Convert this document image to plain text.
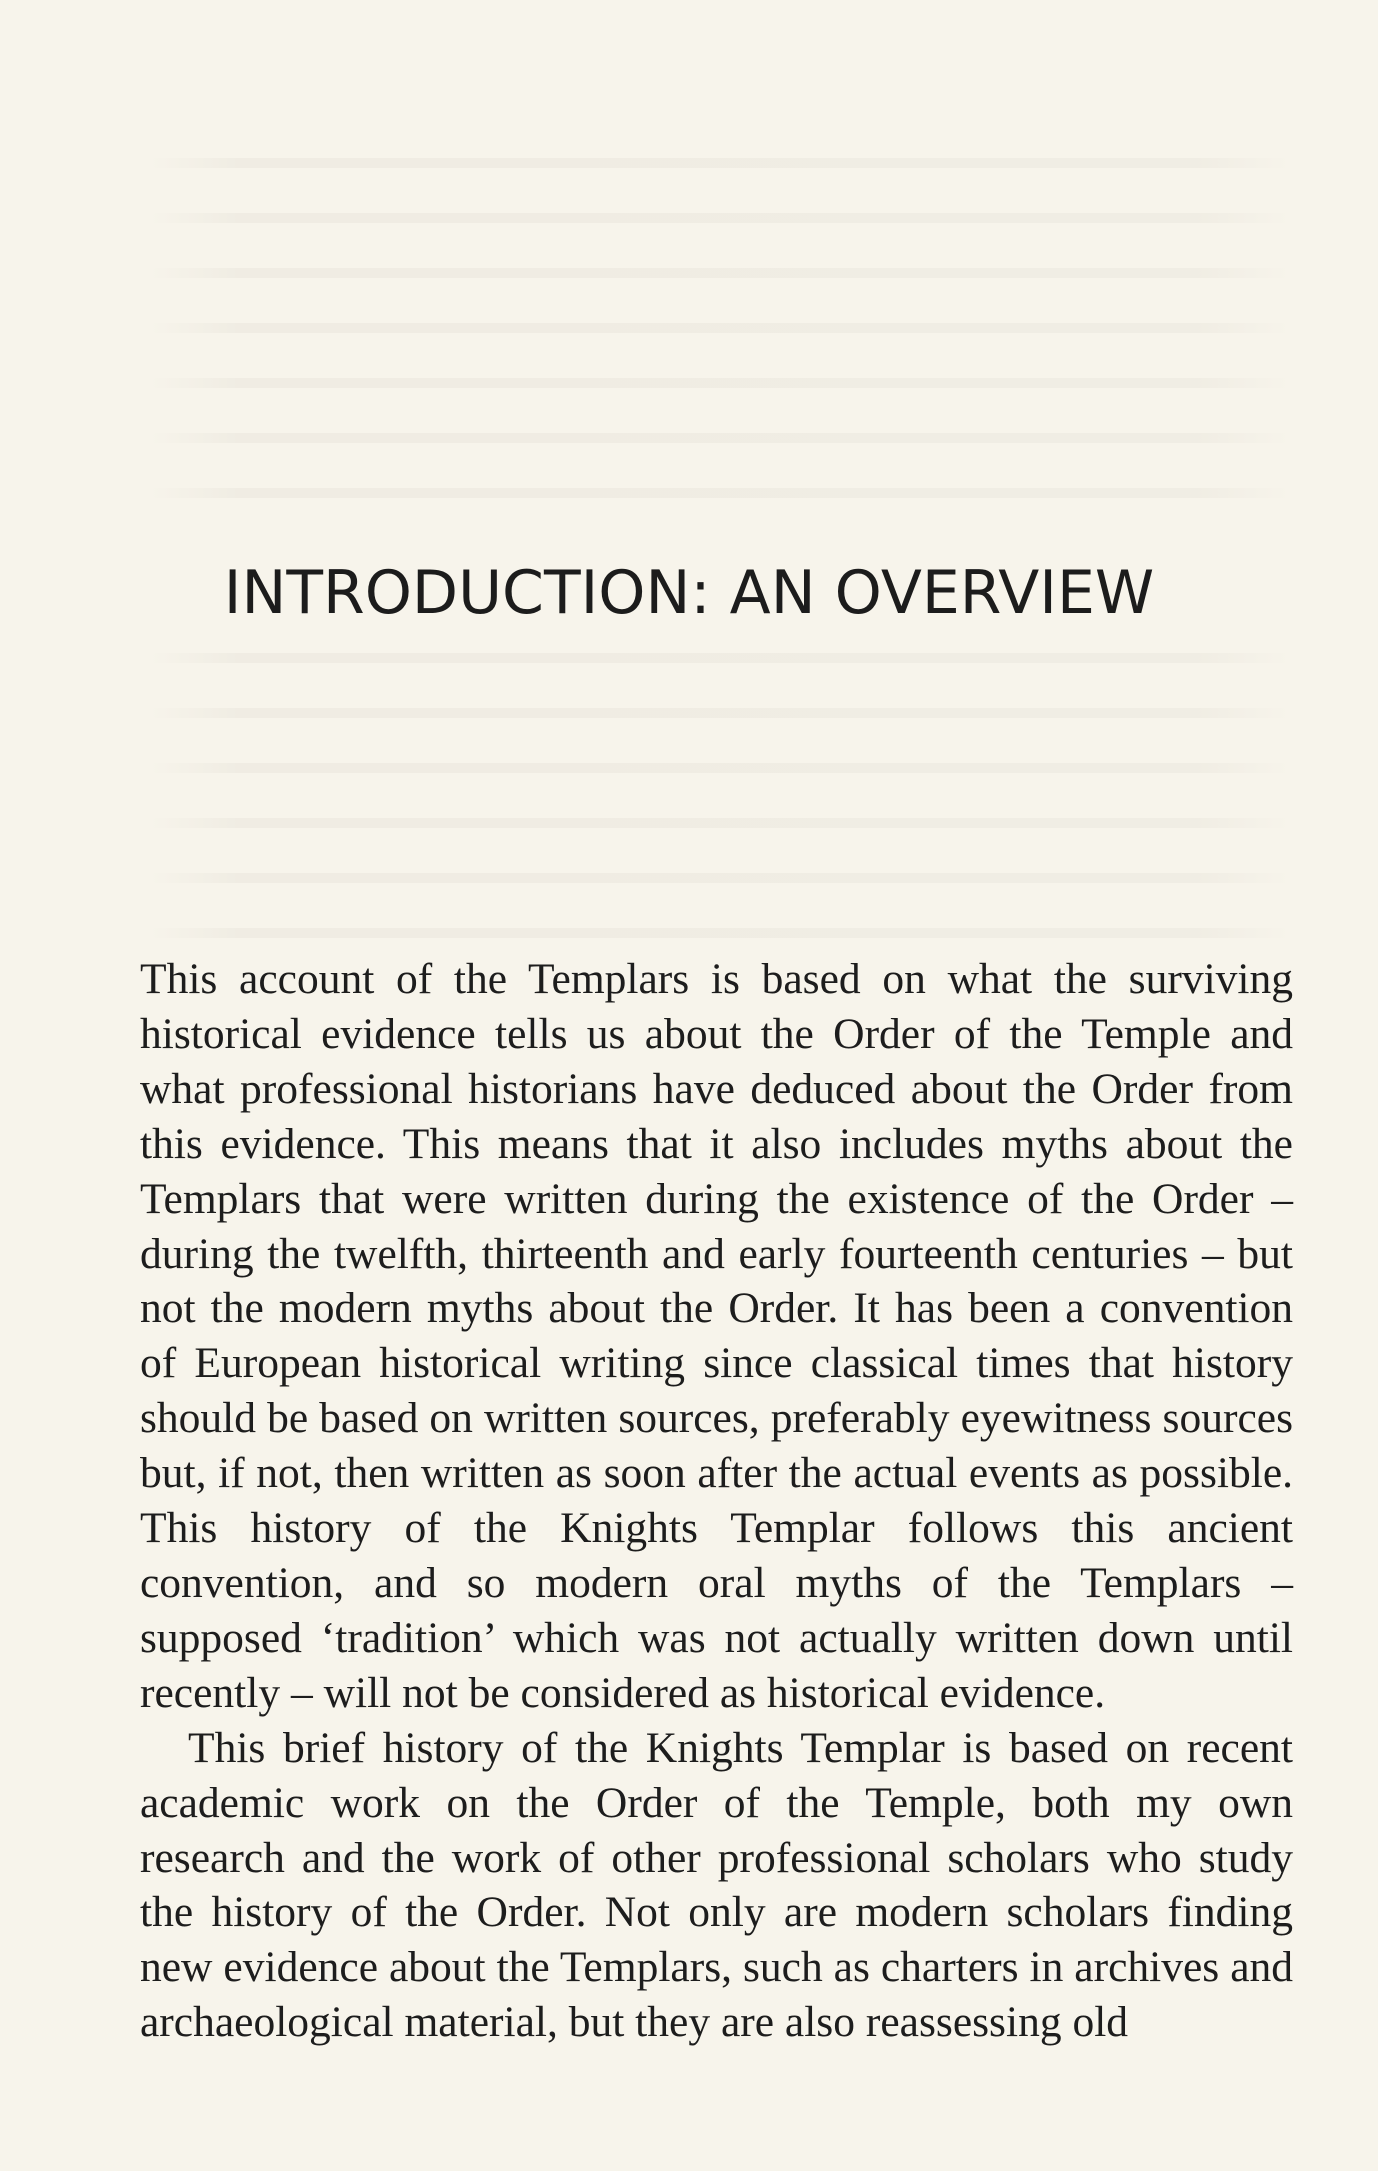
INTRODUCTION: AN OVERVIEW

This account of the Templars is based on what the surviving historical evidence tells us about the Order of the Temple and what professional historians have deduced about the Order from this evidence. This means that it also includes myths about the Templars that were written during the existence of the Order – during the twelfth, thirteenth and early fourteenth centuries – but not the modern myths about the Order. It has been a convention of European historical writing since classical times that history should be based on written sources, preferably eyewitness sources but, if not, then written as soon after the actual events as possible. This history of the Knights Templar follows this ancient convention, and so modern oral myths of the Templars – supposed ‘tradition’ which was not actually written down until recently – will not be considered as historical evidence.

This brief history of the Knights Templar is based on recent academic work on the Order of the Temple, both my own research and the work of other professional scholars who study the history of the Order. Not only are modern scholars finding new evidence about the Templars, such as charters in archives and archaeological material, but they are also reassessing old
